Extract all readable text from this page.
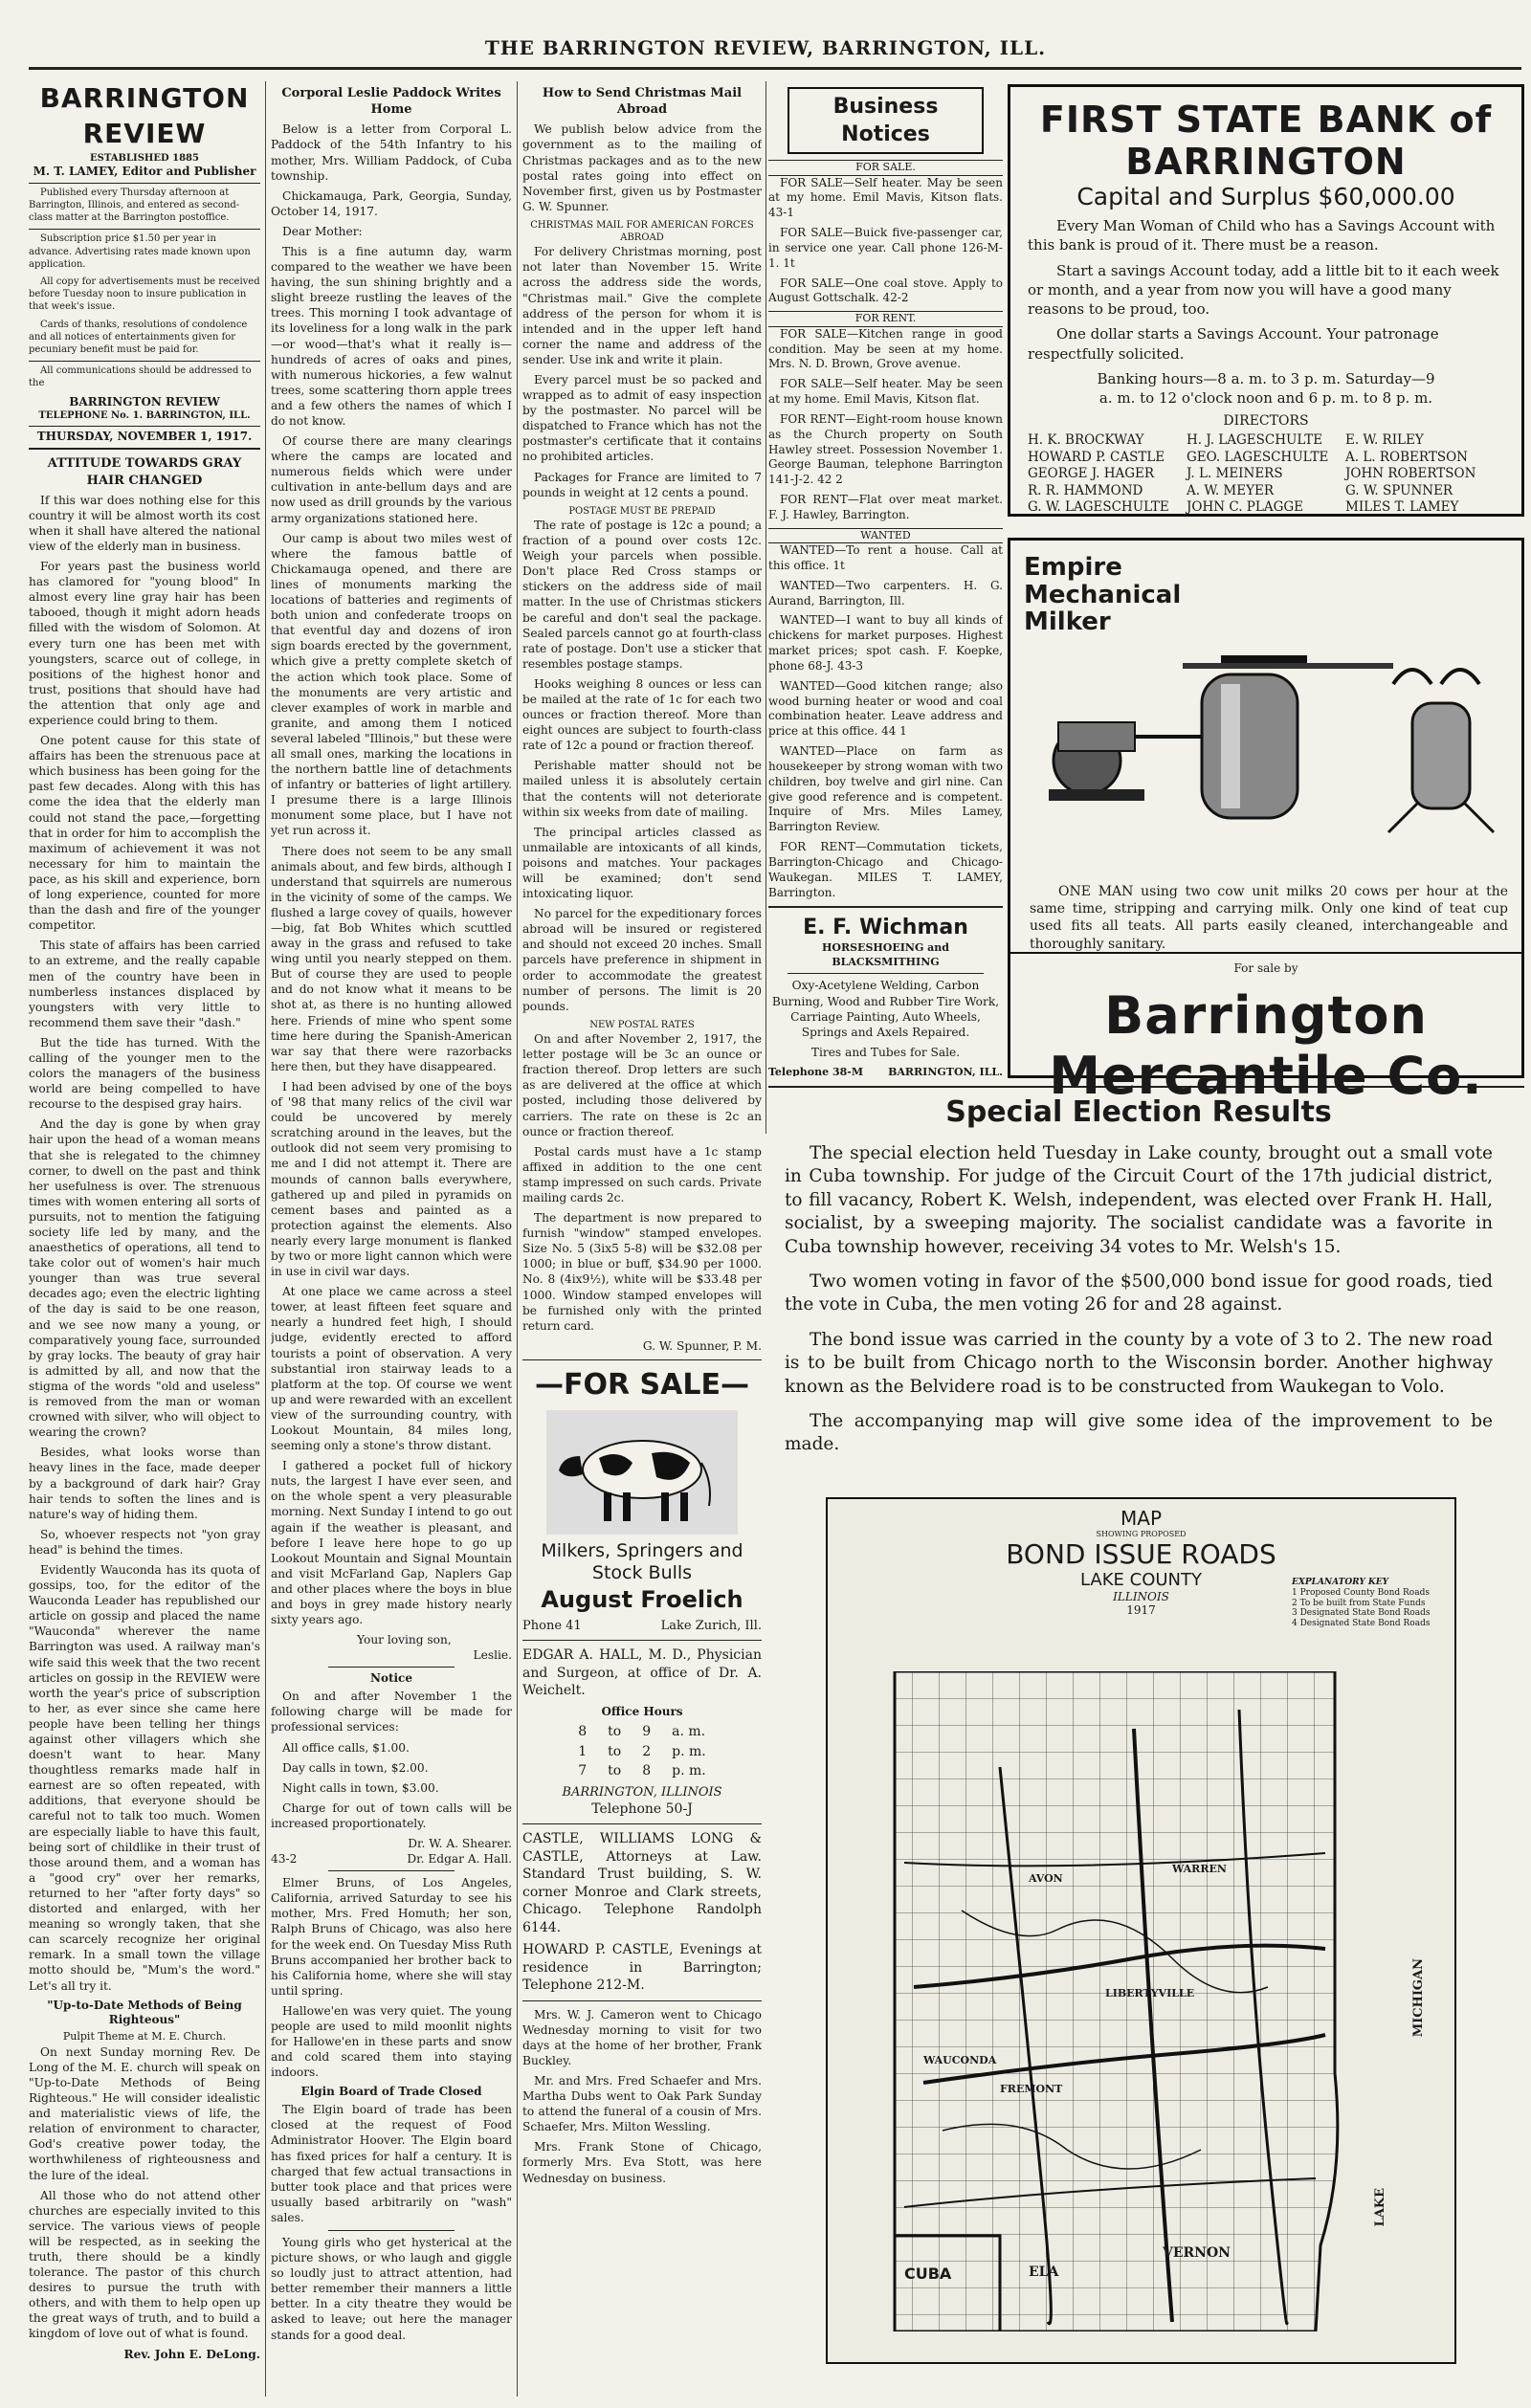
THE BARRINGTON REVIEW, BARRINGTON, ILL.
BARRINGTON REVIEW
ESTABLISHED 1885
M. T. LAMEY, Editor and Publisher

Published every Thursday afternoon at Barrington, Illinois, and entered as second-class matter at the Barrington postoffice.

Subscription price $1.50 per year in advance. Advertising rates made known upon application.

All copy for advertisements must be received before Tuesday noon to insure publication in that week's issue.

Cards of thanks, resolutions of condolence and all notices of entertainments given for pecuniary benefit must be paid for.

All communications should be addressed to the

BARRINGTON REVIEW
TELEPHONE No. 1. BARRINGTON, ILL.
THURSDAY, NOVEMBER 1, 1917.
ATTITUDE TOWARDS GRAY HAIR CHANGED

If this war does nothing else for this country it will be almost worth its cost when it shall have altered the national view of the elderly man in business.

For years past the business world has clamored for "young blood" In almost every line gray hair has been tabooed, though it might adorn heads filled with the wisdom of Solomon. At every turn one has been met with youngsters, scarce out of college, in positions of the highest honor and trust, positions that should have had the attention that only age and experience could bring to them.

One potent cause for this state of affairs has been the strenuous pace at which business has been going for the past few decades. Along with this has come the idea that the elderly man could not stand the pace,—forgetting that in order for him to accomplish the maximum of achievement it was not necessary for him to maintain the pace, as his skill and experience, born of long experience, counted for more than the dash and fire of the younger competitor.

This state of affairs has been carried to an extreme, and the really capable men of the country have been in numberless instances displaced by youngsters with very little to recommend them save their "dash."

But the tide has turned. With the calling of the younger men to the colors the managers of the business world are being compelled to have recourse to the despised gray hairs.

And the day is gone by when gray hair upon the head of a woman means that she is relegated to the chimney corner, to dwell on the past and think her usefulness is over. The strenuous times with women entering all sorts of pursuits, not to mention the fatiguing society life led by many, and the anaesthetics of operations, all tend to take color out of women's hair much younger than was true several decades ago; even the electric lighting of the day is said to be one reason, and we see now many a young, or comparatively young face, surrounded by gray locks. The beauty of gray hair is admitted by all, and now that the stigma of the words "old and useless" is removed from the man or woman crowned with silver, who will object to wearing the crown?

Besides, what looks worse than heavy lines in the face, made deeper by a background of dark hair? Gray hair tends to soften the lines and is nature's way of hiding them.

So, whoever respects not "yon gray head" is behind the times.

Evidently Wauconda has its quota of gossips, too, for the editor of the Wauconda Leader has republished our article on gossip and placed the name "Wauconda" wherever the name Barrington was used. A railway man's wife said this week that the two recent articles on gossip in the REVIEW were worth the year's price of subscription to her, as ever since she came here people have been telling her things against other villagers which she doesn't want to hear. Many thoughtless remarks made half in earnest are so often repeated, with additions, that everyone should be careful not to talk too much. Women are especially liable to have this fault, being sort of childlike in their trust of those around them, and a woman has a "good cry" over her remarks, returned to her "after forty days" so distorted and enlarged, with her meaning so wrongly taken, that she can scarcely recognize her original remark. In a small town the village motto should be, "Mum's the word." Let's all try it.

"Up-to-Date Methods of Being Righteous"
Pulpit Theme at M. E. Church.

On next Sunday morning Rev. De Long of the M. E. church will speak on "Up-to-Date Methods of Being Righteous." He will consider idealistic and materialistic views of life, the relation of environment to character, God's creative power today, the worthwhileness of righteousness and the lure of the ideal.

All those who do not attend other churches are especially invited to this service. The various views of people will be respected, as in seeking the truth, there should be a kindly tolerance. The pastor of this church desires to pursue the truth with others, and with them to help open up the great ways of truth, and to build a kingdom of love out of what is found.

Rev. John E. DeLong.
Corporal Leslie Paddock Writes Home

Below is a letter from Corporal L. Paddock of the 54th Infantry to his mother, Mrs. William Paddock, of Cuba township.

Chickamauga, Park, Georgia, Sunday, October 14, 1917.

Dear Mother:

This is a fine autumn day, warm compared to the weather we have been having, the sun shining brightly and a slight breeze rustling the leaves of the trees. This morning I took advantage of its loveliness for a long walk in the park—or wood—that's what it really is—hundreds of acres of oaks and pines, with numerous hickories, a few walnut trees, some scattering thorn apple trees and a few others the names of which I do not know.

Of course there are many clearings where the camps are located and numerous fields which were under cultivation in ante-bellum days and are now used as drill grounds by the various army organizations stationed here.

Our camp is about two miles west of where the famous battle of Chickamauga opened, and there are lines of monuments marking the locations of batteries and regiments of both union and confederate troops on that eventful day and dozens of iron sign boards erected by the government, which give a pretty complete sketch of the action which took place. Some of the monuments are very artistic and clever examples of work in marble and granite, and among them I noticed several labeled "Illinois," but these were all small ones, marking the locations in the northern battle line of detachments of infantry or batteries of light artillery. I presume there is a large Illinois monument some place, but I have not yet run across it.

There does not seem to be any small animals about, and few birds, although I understand that squirrels are numerous in the vicinity of some of the camps. We flushed a large covey of quails, however—big, fat Bob Whites which scuttled away in the grass and refused to take wing until you nearly stepped on them. But of course they are used to people and do not know what it means to be shot at, as there is no hunting allowed here. Friends of mine who spent some time here during the Spanish-American war say that there were razorbacks here then, but they have disappeared.

I had been advised by one of the boys of '98 that many relics of the civil war could be uncovered by merely scratching around in the leaves, but the outlook did not seem very promising to me and I did not attempt it. There are mounds of cannon balls everywhere, gathered up and piled in pyramids on cement bases and painted as a protection against the elements. Also nearly every large monument is flanked by two or more light cannon which were in use in civil war days.

At one place we came across a steel tower, at least fifteen feet square and nearly a hundred feet high, I should judge, evidently erected to afford tourists a point of observation. A very substantial iron stairway leads to a platform at the top. Of course we went up and were rewarded with an excellent view of the surrounding country, with Lookout Mountain, 84 miles long, seeming only a stone's throw distant.

I gathered a pocket full of hickory nuts, the largest I have ever seen, and on the whole spent a very pleasurable morning. Next Sunday I intend to go out again if the weather is pleasant, and before I leave here hope to go up Lookout Mountain and Signal Mountain and visit McFarland Gap, Naplers Gap and other places where the boys in blue and boys in grey made history nearly sixty years ago.

Your loving son,
Leslie.
Notice

On and after November 1 the following charge will be made for professional services:

All office calls, $1.00.

Day calls in town, $2.00.

Night calls in town, $3.00.

Charge for out of town calls will be increased proportionately.

Dr. W. A. Shearer.
43-2	Dr. Edgar A. Hall.

Elmer Bruns, of Los Angeles, California, arrived Saturday to see his mother, Mrs. Fred Homuth; her son, Ralph Bruns of Chicago, was also here for the week end. On Tuesday Miss Ruth Bruns accompanied her brother back to his California home, where she will stay until spring.

Hallowe'en was very quiet. The young people are used to mild moonlit nights for Hallowe'en in these parts and snow and cold scared them into staying indoors.

Elgin Board of Trade Closed

The Elgin board of trade has been closed at the request of Food Administrator Hoover. The Elgin board has fixed prices for half a century. It is charged that few actual transactions in butter took place and that prices were usually based arbitrarily on "wash" sales.

Young girls who get hysterical at the picture shows, or who laugh and giggle so loudly just to attract attention, had better remember their manners a little better. In a city theatre they would be asked to leave; out here the manager stands for a good deal.

How to Send Christmas Mail Abroad

We publish below advice from the government as to the mailing of Christmas packages and as to the new postal rates going into effect on November first, given us by Postmaster G. W. Spunner.

CHRISTMAS MAIL FOR AMERICAN FORCES ABROAD

For delivery Christmas morning, post not later than November 15. Write across the address side the words, "Christmas mail." Give the complete address of the person for whom it is intended and in the upper left hand corner the name and address of the sender. Use ink and write it plain.

Every parcel must be so packed and wrapped as to admit of easy inspection by the postmaster. No parcel will be dispatched to France which has not the postmaster's certificate that it contains no prohibited articles.

Packages for France are limited to 7 pounds in weight at 12 cents a pound.

POSTAGE MUST BE PREPAID

The rate of postage is 12c a pound; a fraction of a pound over costs 12c. Weigh your parcels when possible. Don't place Red Cross stamps or stickers on the address side of mail matter. In the use of Christmas stickers be careful and don't seal the package. Sealed parcels cannot go at fourth-class rate of postage. Don't use a sticker that resembles postage stamps.

Hooks weighing 8 ounces or less can be mailed at the rate of 1c for each two ounces or fraction thereof. More than eight ounces are subject to fourth-class rate of 12c a pound or fraction thereof.

Perishable matter should not be mailed unless it is absolutely certain that the contents will not deteriorate within six weeks from date of mailing.

The principal articles classed as unmailable are intoxicants of all kinds, poisons and matches. Your packages will be examined; don't send intoxicating liquor.

No parcel for the expeditionary forces abroad will be insured or registered and should not exceed 20 inches. Small parcels have preference in shipment in order to accommodate the greatest number of persons. The limit is 20 pounds.

NEW POSTAL RATES

On and after November 2, 1917, the letter postage will be 3c an ounce or fraction thereof. Drop letters are such as are delivered at the office at which posted, including those delivered by carriers. The rate on these is 2c an ounce or fraction thereof.

Postal cards must have a 1c stamp affixed in addition to the one cent stamp impressed on such cards. Private mailing cards 2c.

The department is now prepared to furnish "window" stamped envelopes. Size No. 5 (3ix5 5-8) will be $32.08 per 1000; in blue or buff, $34.90 per 1000. No. 8 (4ix9½), white will be $33.48 per 1000. Window stamped envelopes will be furnished only with the printed return card.

G. W. Spunner, P. M.
—FOR SALE—
Milkers, Springers and Stock Bulls
August Froelich
Phone 41	Lake Zurich, Ill.

EDGAR A. HALL, M. D., Physician and Surgeon, at office of Dr. A. Weichelt.

Office Hours
8	to	9	a. m.
1	to	2	p. m.
7	to	8	p. m.
BARRINGTON, ILLINOIS
Telephone 50-J

CASTLE, WILLIAMS LONG & CASTLE, Attorneys at Law. Standard Trust building, S. W. corner Monroe and Clark streets, Chicago. Telephone Randolph 6144.

HOWARD P. CASTLE, Evenings at residence in Barrington; Telephone 212-M.

Mrs. W. J. Cameron went to Chicago Wednesday morning to visit for two days at the home of her brother, Frank Buckley.

Mr. and Mrs. Fred Schaefer and Mrs. Martha Dubs went to Oak Park Sunday to attend the funeral of a cousin of Mrs. Schaefer, Mrs. Milton Wessling.

Mrs. Frank Stone of Chicago, formerly Mrs. Eva Stott, was here Wednesday on business.

Business Notices
FOR SALE.

FOR SALE—Self heater. May be seen at my home. Emil Mavis, Kitson flats. 43-1

FOR SALE—Buick five-passenger car, in service one year. Call phone 126-M-1. 1t

FOR SALE—One coal stove. Apply to August Gottschalk. 42-2

FOR RENT.

FOR SALE—Kitchen range in good condition. May be seen at my home. Mrs. N. D. Brown, Grove avenue.

FOR SALE—Self heater. May be seen at my home. Emil Mavis, Kitson flat.

FOR RENT—Eight-room house known as the Church property on South Hawley street. Possession November 1. George Bauman, telephone Barrington 141-J-2. 42 2

FOR RENT—Flat over meat market. F. J. Hawley, Barrington.

WANTED

WANTED—To rent a house. Call at this office. 1t

WANTED—Two carpenters. H. G. Aurand, Barrington, Ill.

WANTED—I want to buy all kinds of chickens for market purposes. Highest market prices; spot cash. F. Koepke, phone 68-J. 43-3

WANTED—Good kitchen range; also wood burning heater or wood and coal combination heater. Leave address and price at this office. 44 1

WANTED—Place on farm as housekeeper by strong woman with two children, boy twelve and girl nine. Can give good reference and is competent. Inquire of Mrs. Miles Lamey, Barrington Review.

FOR RENT—Commutation tickets, Barrington-Chicago and Chicago-Waukegan. MILES T. LAMEY, Barrington.

E. F. Wichman
HORSESHOEING and BLACKSMITHING

Oxy-Acetylene Welding, Carbon Burning, Wood and Rubber Tire Work, Carriage Painting, Auto Wheels, Springs and Axels Repaired.

Tires and Tubes for Sale.
Telephone 38-M BARRINGTON, ILL.
FIRST STATE BANK of BARRINGTON
Capital and Surplus $60,000.00

Every Man Woman of Child who has a Savings Account with this bank is proud of it. There must be a reason.

Start a savings Account today, add a little bit to it each week or month, and a year from now you will have a good many reasons to be proud, too.

One dollar starts a Savings Account. Your patronage respectfully solicited.

Banking hours—8 a. m. to 3 p. m. Saturday—9
a. m. to 12 o'clock noon and 6 p. m. to 8 p. m.
DIRECTORS
H. K. BROCKWAY	H. J. LAGESCHULTE	E. W. RILEY
HOWARD P. CASTLE	GEO. LAGESCHULTE	A. L. ROBERTSON
GEORGE J. HAGER	J. L. MEINERS	JOHN ROBERTSON
R. R. HAMMOND	A. W. MEYER	G. W. SPUNNER
G. W. LAGESCHULTE	JOHN C. PLAGGE	MILES T. LAMEY
Empire Mechanical Milker

ONE MAN using two cow unit milks 20 cows per hour at the same time, stripping and carrying milk. Only one kind of teat cup used fits all teats. All parts easily cleaned, interchangeable and thoroughly sanitary.

For sale by
Barrington Mercantile Co.
Special Election Results

The special election held Tuesday in Lake county, brought out a small vote in Cuba township. For judge of the Circuit Court of the 17th judicial district, to fill vacancy, Robert K. Welsh, independent, was elected over Frank H. Hall, socialist, by a sweeping majority. The socialist candidate was a favorite in Cuba township however, receiving 34 votes to Mr. Welsh's 15.

Two women voting in favor of the $500,000 bond issue for good roads, tied the vote in Cuba, the men voting 26 for and 28 against.

The bond issue was carried in the county by a vote of 3 to 2. The new road is to be built from Chicago north to the Wisconsin border. Another highway known as the Belvidere road is to be constructed from Waukegan to Volo.

The accompanying map will give some idea of the improvement to be made.

MAP
SHOWING PROPOSED
BOND ISSUE ROADS
LAKE COUNTY
ILLINOIS
1917
EXPLANATORY KEY
1 Proposed County Bond Roads
2 To be built from State Funds
3 Designated State Bond Roads
4 Designated State Bond Roads
CUBA
LIBERTYVILLE
FREMONT
ELA
VERNON
WARREN
WAUCONDA
AVON
MICHIGAN
LAKE
